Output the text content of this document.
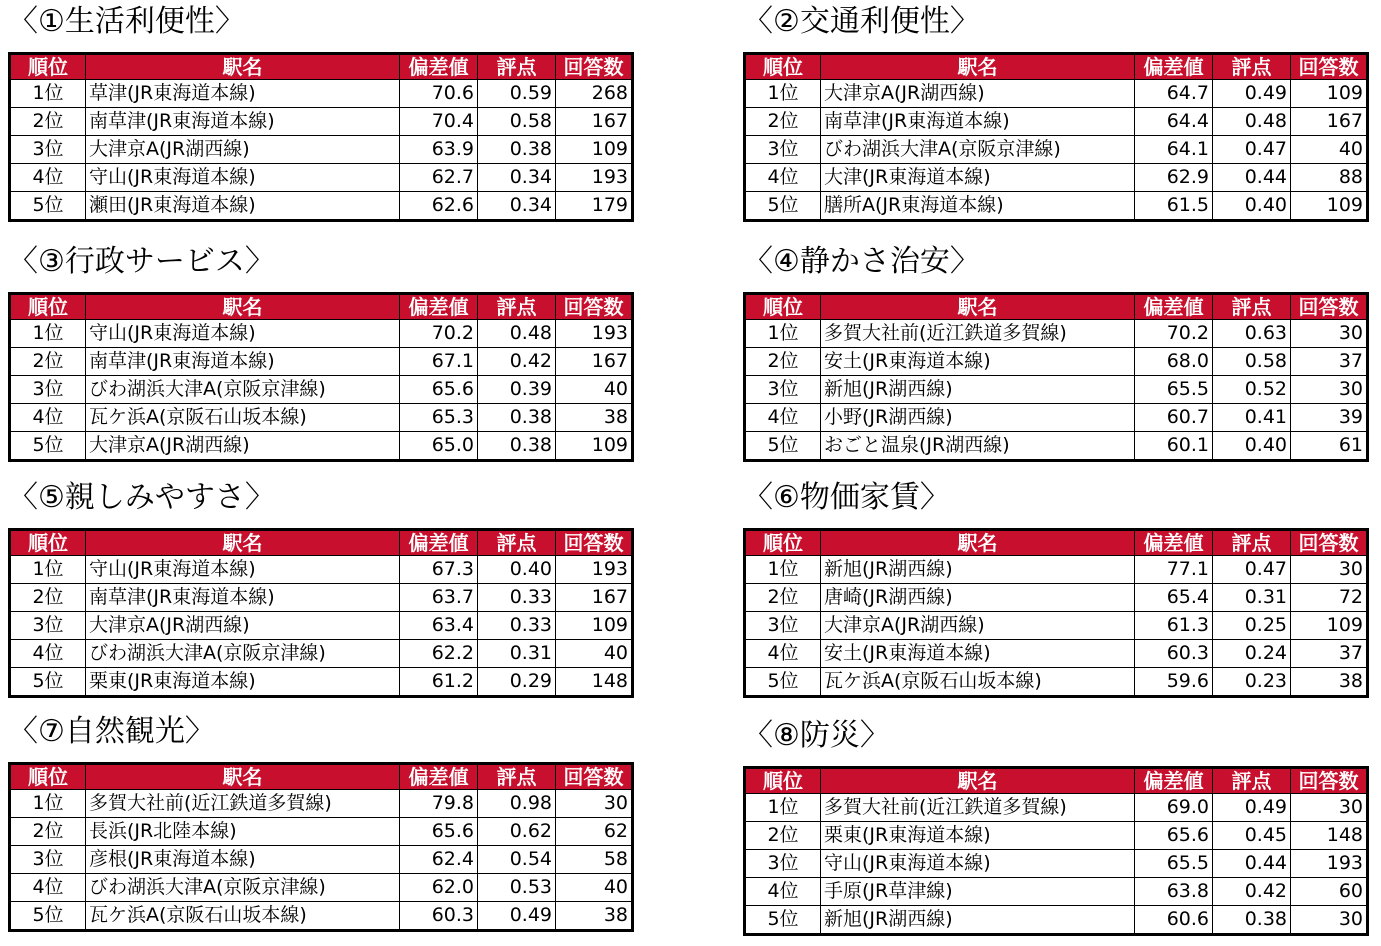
〈①生活利便性〉
順位	駅名	偏差値	評点	回答数
1位	草津(JR東海道本線)	70.6	0.59	268
2位	南草津(JR東海道本線)	70.4	0.58	167
3位	大津京A(JR湖西線)	63.9	0.38	109
4位	守山(JR東海道本線)	62.7	0.34	193
5位	瀬田(JR東海道本線)	62.6	0.34	179
〈②交通利便性〉
順位	駅名	偏差値	評点	回答数
1位	大津京A(JR湖西線)	64.7	0.49	109
2位	南草津(JR東海道本線)	64.4	0.48	167
3位	びわ湖浜大津A(京阪京津線)	64.1	0.47	40
4位	大津(JR東海道本線)	62.9	0.44	88
5位	膳所A(JR東海道本線)	61.5	0.40	109
〈③行政サービス〉
順位	駅名	偏差値	評点	回答数
1位	守山(JR東海道本線)	70.2	0.48	193
2位	南草津(JR東海道本線)	67.1	0.42	167
3位	びわ湖浜大津A(京阪京津線)	65.6	0.39	40
4位	瓦ケ浜A(京阪石山坂本線)	65.3	0.38	38
5位	大津京A(JR湖西線)	65.0	0.38	109
〈④静かさ治安〉
順位	駅名	偏差値	評点	回答数
1位	多賀大社前(近江鉄道多賀線)	70.2	0.63	30
2位	安土(JR東海道本線)	68.0	0.58	37
3位	新旭(JR湖西線)	65.5	0.52	30
4位	小野(JR湖西線)	60.7	0.41	39
5位	おごと温泉(JR湖西線)	60.1	0.40	61
〈⑤親しみやすさ〉
順位	駅名	偏差値	評点	回答数
1位	守山(JR東海道本線)	67.3	0.40	193
2位	南草津(JR東海道本線)	63.7	0.33	167
3位	大津京A(JR湖西線)	63.4	0.33	109
4位	びわ湖浜大津A(京阪京津線)	62.2	0.31	40
5位	栗東(JR東海道本線)	61.2	0.29	148
〈⑥物価家賃〉
順位	駅名	偏差値	評点	回答数
1位	新旭(JR湖西線)	77.1	0.47	30
2位	唐崎(JR湖西線)	65.4	0.31	72
3位	大津京A(JR湖西線)	61.3	0.25	109
4位	安土(JR東海道本線)	60.3	0.24	37
5位	瓦ケ浜A(京阪石山坂本線)	59.6	0.23	38
〈⑦自然観光〉
順位	駅名	偏差値	評点	回答数
1位	多賀大社前(近江鉄道多賀線)	79.8	0.98	30
2位	長浜(JR北陸本線)	65.6	0.62	62
3位	彦根(JR東海道本線)	62.4	0.54	58
4位	びわ湖浜大津A(京阪京津線)	62.0	0.53	40
5位	瓦ケ浜A(京阪石山坂本線)	60.3	0.49	38
〈⑧防災〉
順位	駅名	偏差値	評点	回答数
1位	多賀大社前(近江鉄道多賀線)	69.0	0.49	30
2位	栗東(JR東海道本線)	65.6	0.45	148
3位	守山(JR東海道本線)	65.5	0.44	193
4位	手原(JR草津線)	63.8	0.42	60
5位	新旭(JR湖西線)	60.6	0.38	30
